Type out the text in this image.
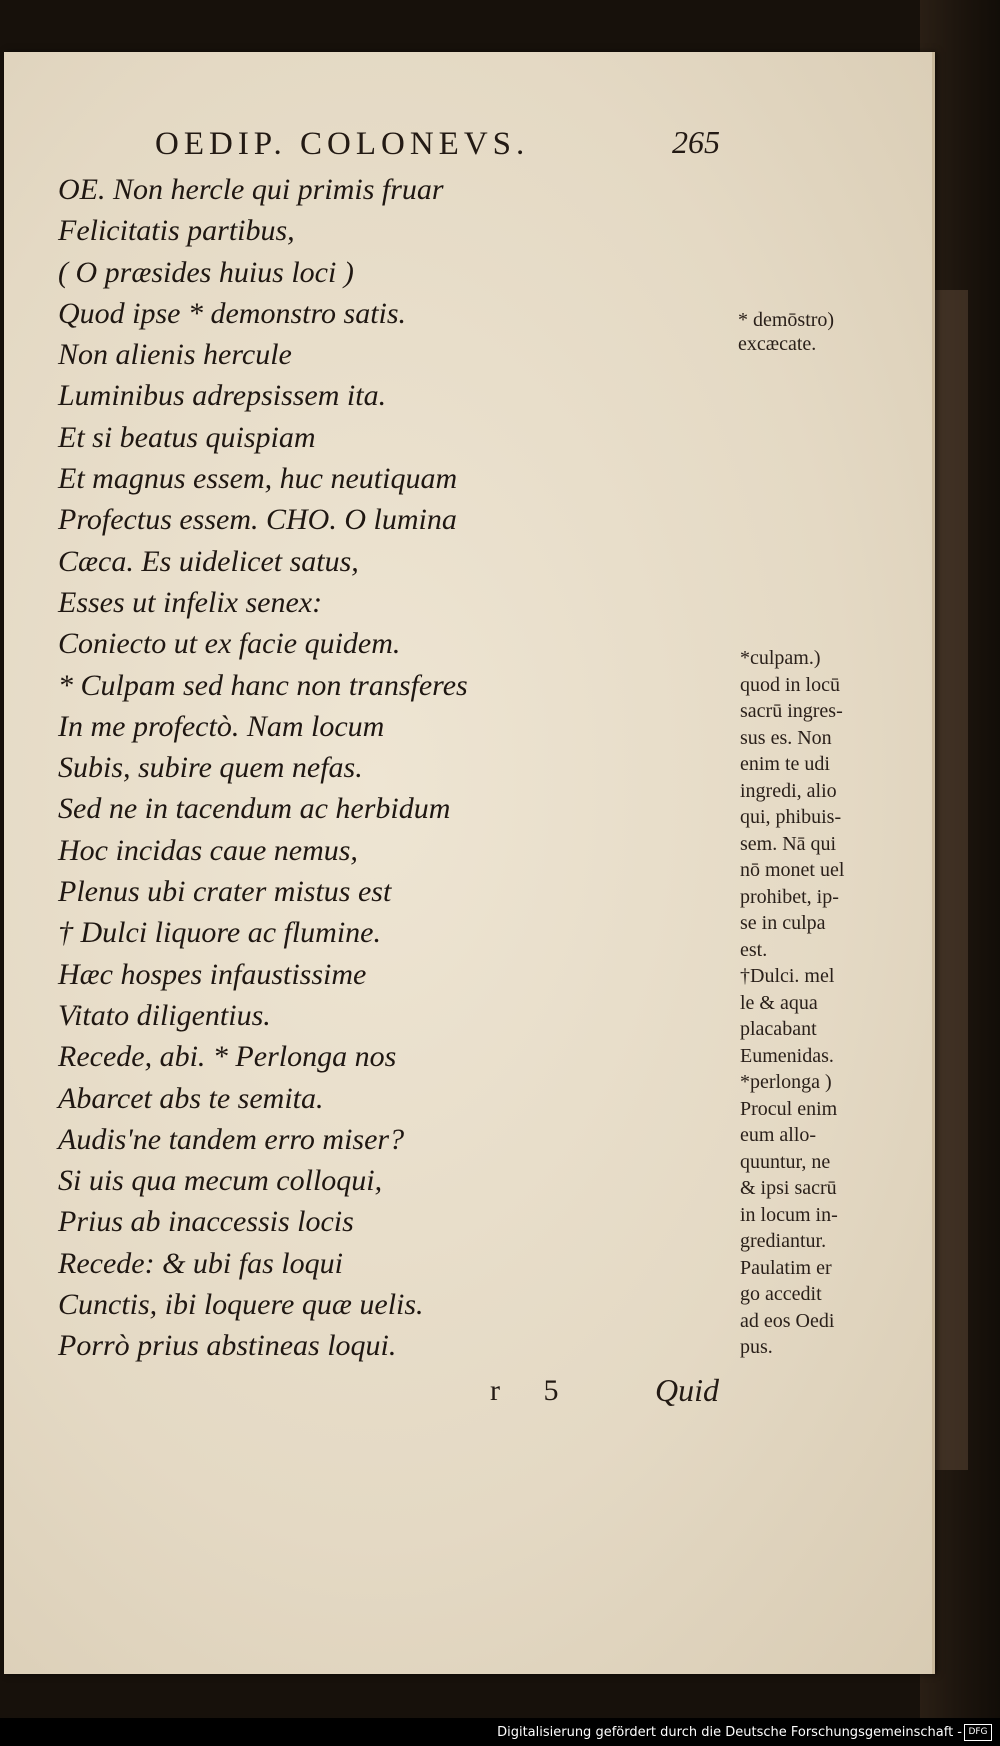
OEDIP. COLONEVS.	265
OE. Non hercle qui primis fruar
Felicitatis partibus,
( O præsides huius loci )
Quod ipse * demonstro satis.
Non alienis hercule
Luminibus adrepsissem ita.
Et si beatus quispiam
Et magnus essem, huc neutiquam
Profectus essem. CHO. O lumina
Cæca. Es uidelicet satus,
Esses ut infelix senex:
Coniecto ut ex facie quidem.
* Culpam sed hanc non transferes
In me profectò. Nam locum
Subis, subire quem nefas.
Sed ne in tacendum ac herbidum
Hoc incidas caue nemus,
Plenus ubi crater mistus est
† Dulci liquore ac flumine.
Hæc hospes infaustissime
Vitato diligentius.
Recede, abi. * Perlonga nos
Abarcet abs te semita.
Audis'ne tandem erro miser?
Si uis qua mecum colloqui,
Prius ab inaccessis locis
Recede: & ubi fas loqui
Cunctis, ibi loquere quæ uelis.
Porrò prius abstineas loqui.
* demōstro)
excæcate.
*culpam.)
quod in locū
sacrū ingres-
sus es. Non
enim te udi
ingredi, alio
qui, phibuis-
sem. Nā qui
nō monet uel
prohibet, ip-
se in culpa
est.
†Dulci. mel
le & aqua
placabant
Eumenidas.
*perlonga )
Procul enim
eum allo-
quuntur, ne
& ipsi sacrū
in locum in-
grediantur.
Paulatim er
go accedit
ad eos Oedi
pus.
r 5 Quid
Digitalisierung gefördert durch die Deutsche Forschungsgemeinschaft - DFG
